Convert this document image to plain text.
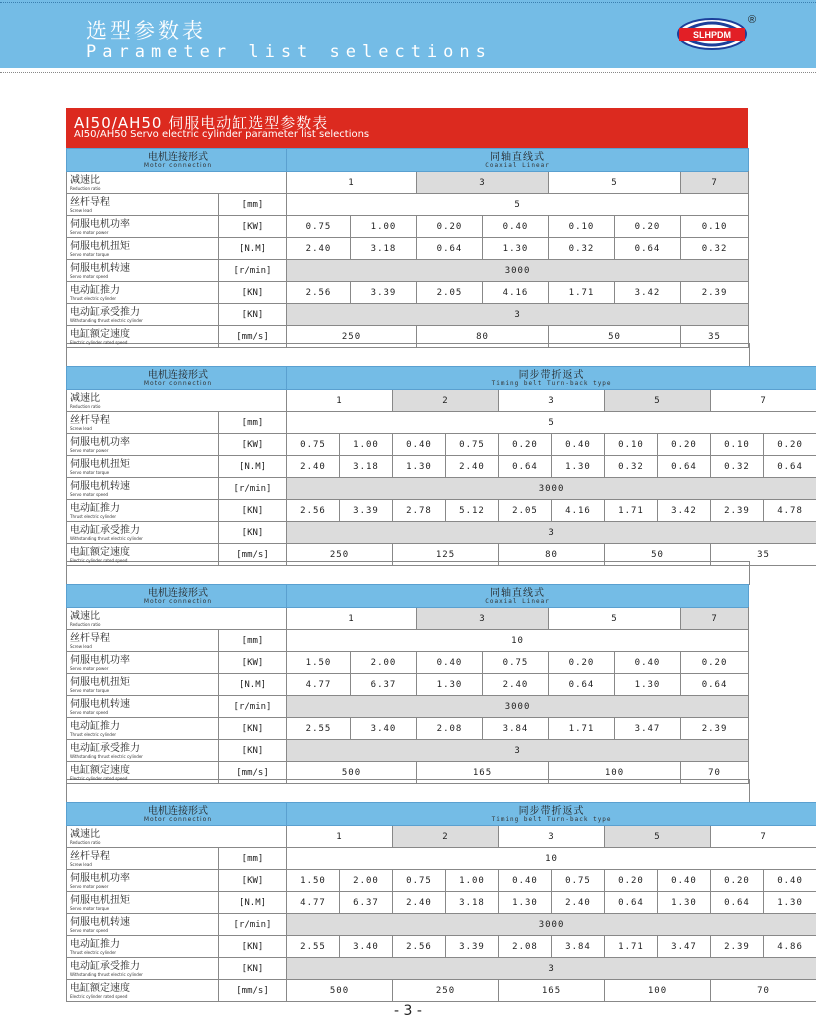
选型参数表
Parameter list selections
SLHPDM
®
AI50/AH50 伺服电动缸选型参数表
AI50/AH50 Servo electric cylinder parameter list selections
电机连接形式
Motor connection		同轴直线式
Coaxial Linear							

减速比
Reduction ratio		1		3		5		7	

丝杆导程
Screw lead	[mm]	5							

伺服电机功率
Servo motor power	[KW]	0.75	1.00	0.20	0.40	0.10	0.20	0.10	

伺服电机扭矩
Servo motor torque	[N.M]	2.40	3.18	0.64	1.30	0.32	0.64	0.32	

伺服电机转速
Servo motor speed	[r/min]	3000							

电动缸推力
Thrust electric cylinder	[KN]	2.56	3.39	2.05	4.16	1.71	3.42	2.39	

电动缸承受推力
Withstanding thrust electric cylinder	[KN]	3							

电缸额定速度
Electric cylinder rated speed	[mm/s]	250		80		50		35	
电机连接形式
Motor connection		同步带折返式
Timing belt Turn-back type									

减速比
Reduction ratio		1		2		3		5		7	

丝杆导程
Screw lead	[mm]	5									

伺服电机功率
Servo motor power	[KW]	0.75	1.00	0.40	0.75	0.20	0.40	0.10	0.20	0.10	0.20

伺服电机扭矩
Servo motor torque	[N.M]	2.40	3.18	1.30	2.40	0.64	1.30	0.32	0.64	0.32	0.64

伺服电机转速
Servo motor speed	[r/min]	3000									

电动缸推力
Thrust electric cylinder	[KN]	2.56	3.39	2.78	5.12	2.05	4.16	1.71	3.42	2.39	4.78

电动缸承受推力
Withstanding thrust electric cylinder	[KN]	3									

电缸额定速度
Electric cylinder rated speed	[mm/s]	250		125		80		50		35	
电机连接形式
Motor connection		同轴直线式
Coaxial Linear							

减速比
Reduction ratio		1		3		5		7	

丝杆导程
Screw lead	[mm]	10							

伺服电机功率
Servo motor power	[KW]	1.50	2.00	0.40	0.75	0.20	0.40	0.20	

伺服电机扭矩
Servo motor torque	[N.M]	4.77	6.37	1.30	2.40	0.64	1.30	0.64	

伺服电机转速
Servo motor speed	[r/min]	3000							

电动缸推力
Thrust electric cylinder	[KN]	2.55	3.40	2.08	3.84	1.71	3.47	2.39	

电动缸承受推力
Withstanding thrust electric cylinder	[KN]	3							

电缸额定速度
Electric cylinder rated speed	[mm/s]	500		165		100		70	
电机连接形式
Motor connection		同步带折返式
Timing belt Turn-back type									

减速比
Reduction ratio		1		2		3		5		7	

丝杆导程
Screw lead	[mm]	10									

伺服电机功率
Servo motor power	[KW]	1.50	2.00	0.75	1.00	0.40	0.75	0.20	0.40	0.20	0.40

伺服电机扭矩
Servo motor torque	[N.M]	4.77	6.37	2.40	3.18	1.30	2.40	0.64	1.30	0.64	1.30

伺服电机转速
Servo motor speed	[r/min]	3000									

电动缸推力
Thrust electric cylinder	[KN]	2.55	3.40	2.56	3.39	2.08	3.84	1.71	3.47	2.39	4.86

电动缸承受推力
Withstanding thrust electric cylinder	[KN]	3									

电缸额定速度
Electric cylinder rated speed	[mm/s]	500		250		165		100		70	
- 3 -
